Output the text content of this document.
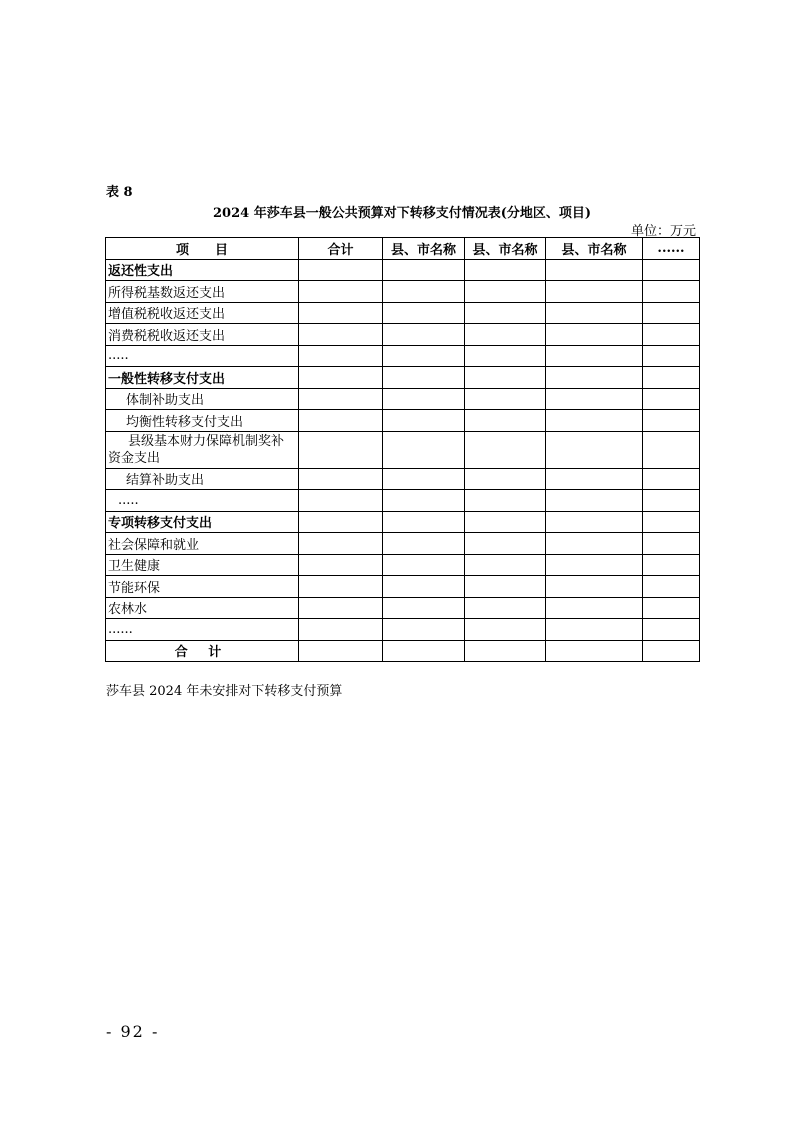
表 8
2024 年莎车县一般公共预算对下转移支付情况表(分地区、项目)
单位：万元
项　　目	合计	县、市名称	县、市名称	县、市名称	......
返还性支出					
所得税基数返还支出					
增值税税收返还支出					
消费税税收返还支出					
.....					
一般性转移支付支出					
体制补助支出					
均衡性转移支付支出					
县级基本财力保障机制奖补资金支出					
结算补助支出					
.....					
专项转移支付支出					
社会保障和就业					
卫生健康					
节能环保					
农林水					
......					
合 计					
莎车县 2024 年未安排对下转移支付预算
- 92 -
